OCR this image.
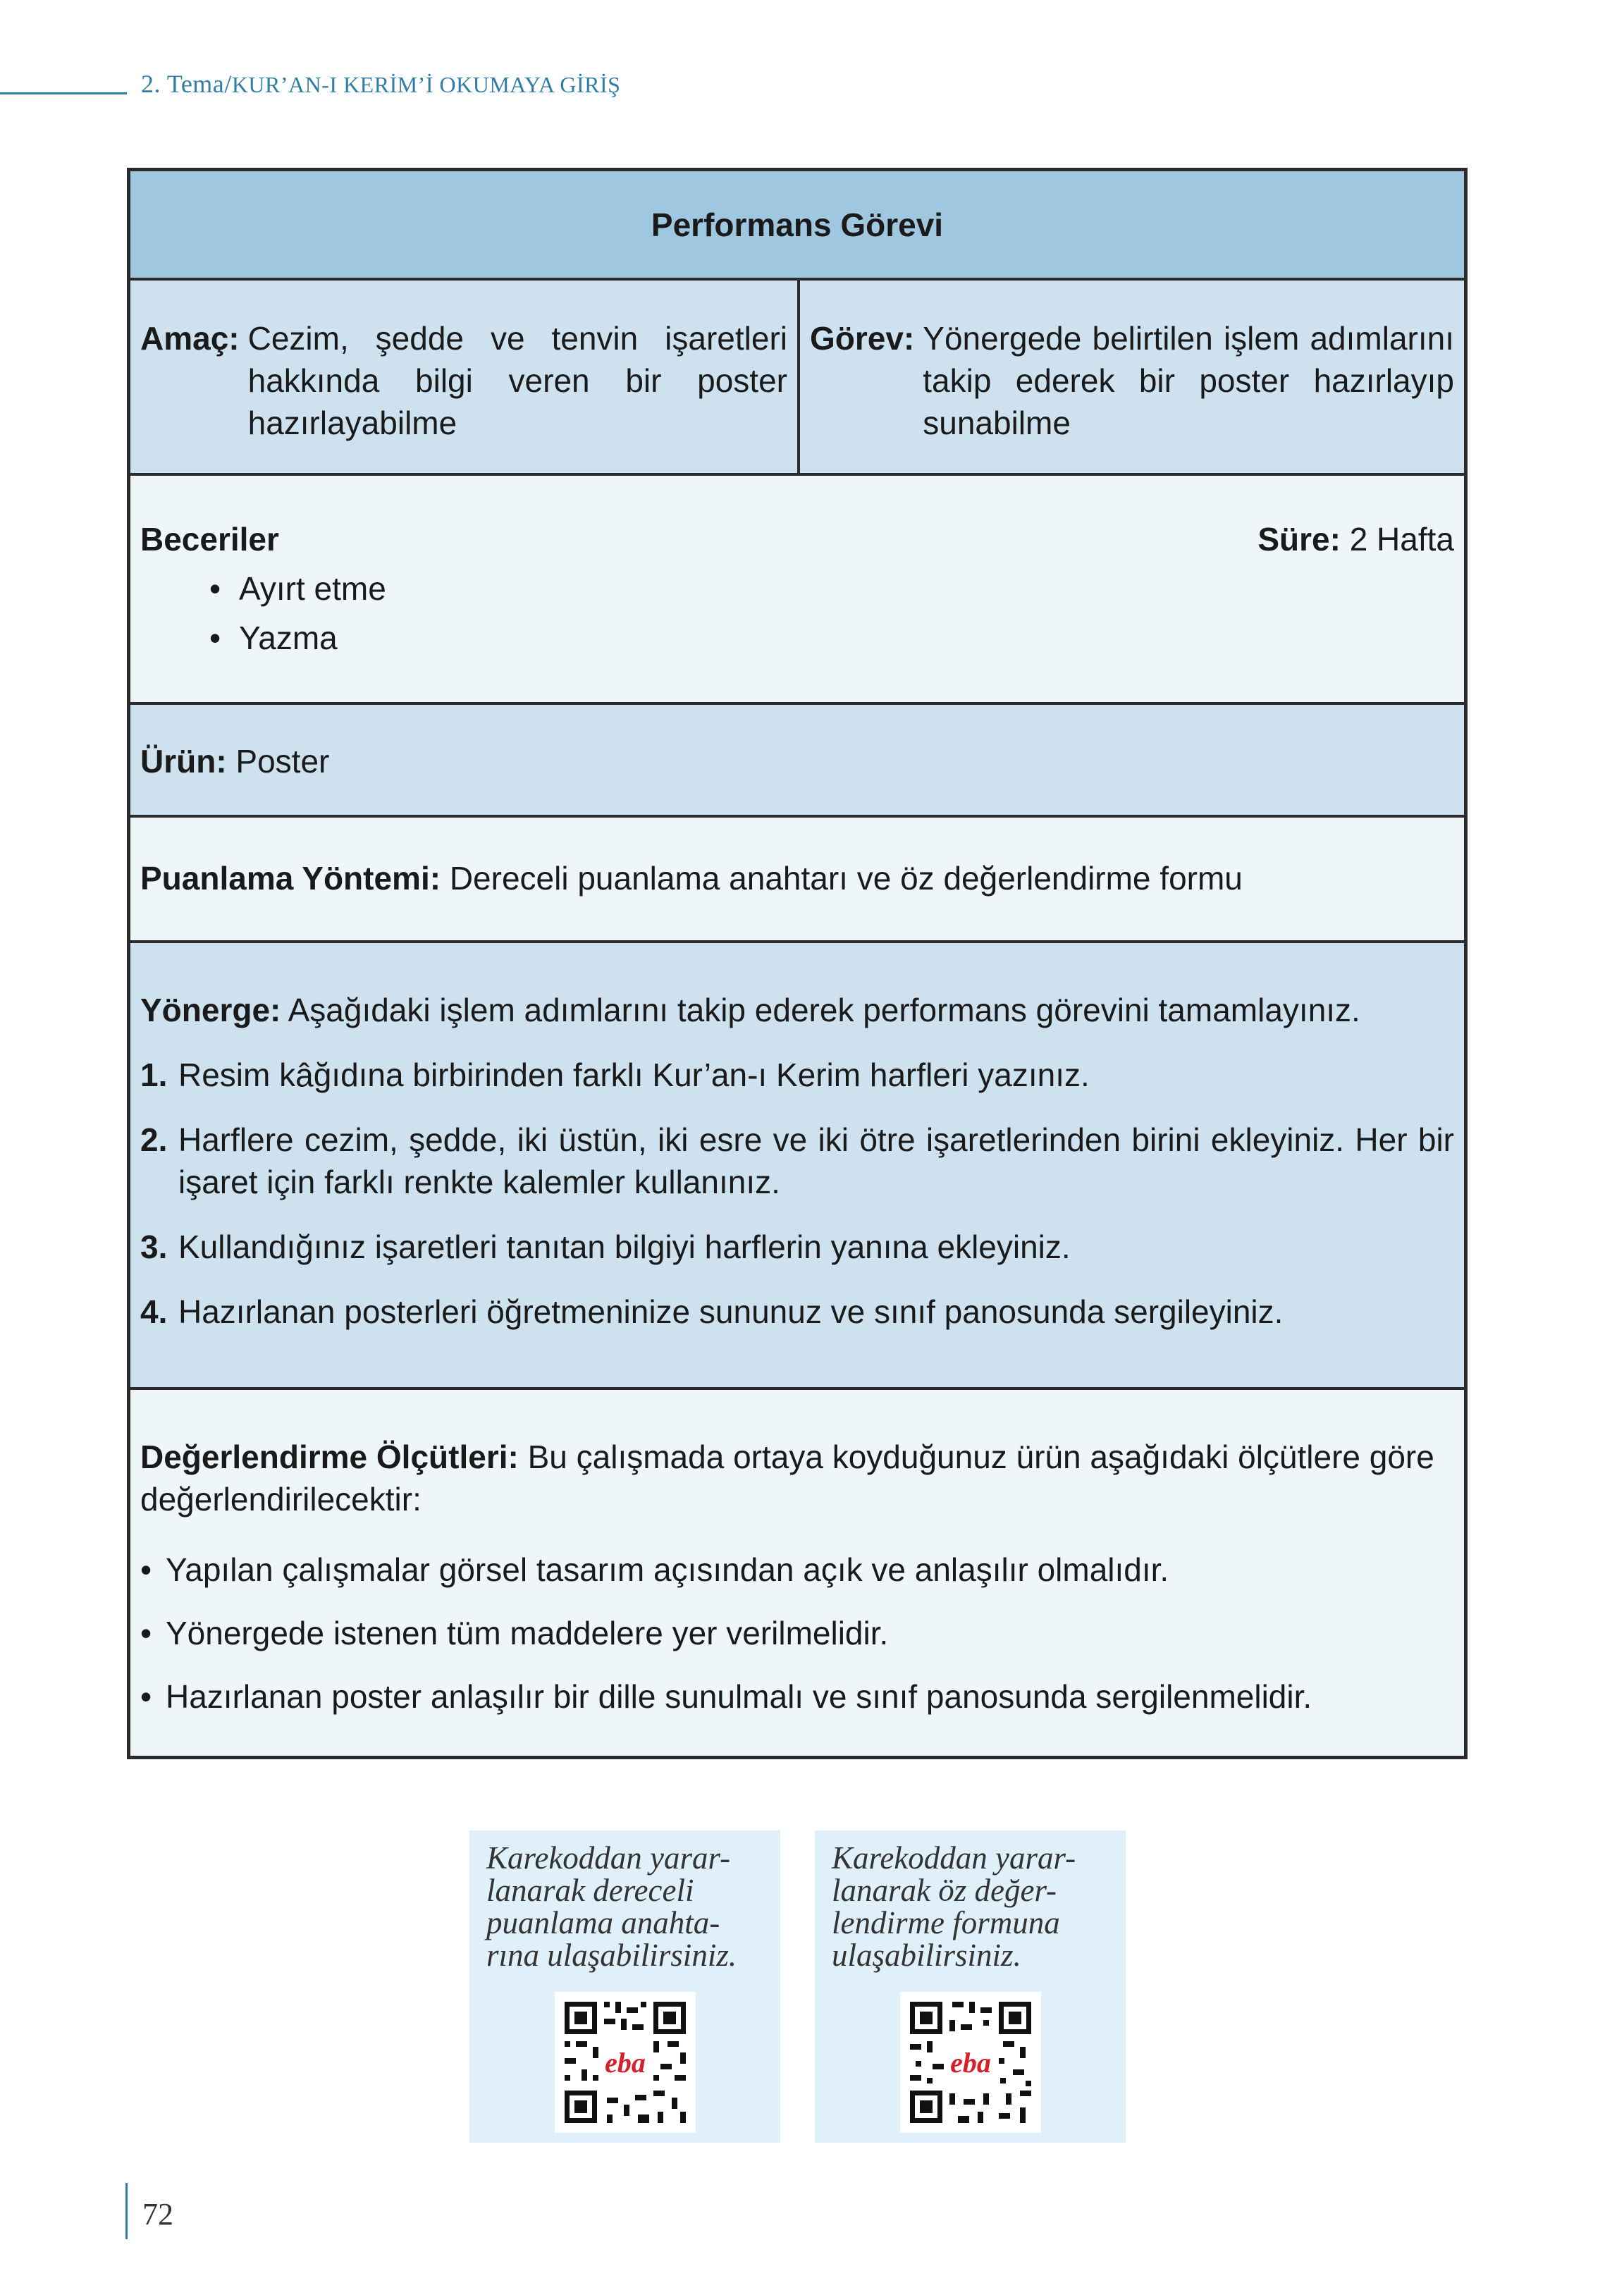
2. Tema/KUR’AN-I KERİM’İ OKUMAYA GİRİŞ
Performans Görevi
Amaç: Cezim, şedde ve tenvin işaretleri hakkında bilgi veren bir poster hazırlayabilme
Görev: Yönergede belirtilen işlem adımlarını takip ederek bir poster hazırlayıp sunabilme
Beceriler
• Ayırt etme
• Yazma
Süre: 2 Hafta
Ürün: Poster
Puanlama Yöntemi: Dereceli puanlama anahtarı ve öz değerlendirme formu
Yönerge: Aşağıdaki işlem adımlarını takip ederek performans görevini tamamlayınız.
1. Resim kâğıdına birbirinden farklı Kur’an-ı Kerim harfleri yazınız.
2. Harflere cezim, şedde, iki üstün, iki esre ve iki ötre işaretlerinden birini ekleyiniz. Her bir işaret için farklı renkte kalemler kullanınız.
3. Kullandığınız işaretleri tanıtan bilgiyi harflerin yanına ekleyiniz.
4. Hazırlanan posterleri öğretmeninize sununuz ve sınıf panosunda sergileyiniz.
Değerlendirme Ölçütleri: Bu çalışmada ortaya koyduğunuz ürün aşağıdaki ölçütlere göre değerlendirilecektir:
• Yapılan çalışmalar görsel tasarım açısından açık ve anlaşılır olmalıdır.
• Yönergede istenen tüm maddelere yer verilmelidir.
• Hazırlanan poster anlaşılır bir dille sunulmalı ve sınıf panosunda sergilenmelidir.
Karekoddan yarar-
lanarak dereceli
puanlama anahta-
rına ulaşabilirsiniz.
eba
Karekoddan yarar-
lanarak öz değer-
lendirme formuna
ulaşabilirsiniz.
eba
72
